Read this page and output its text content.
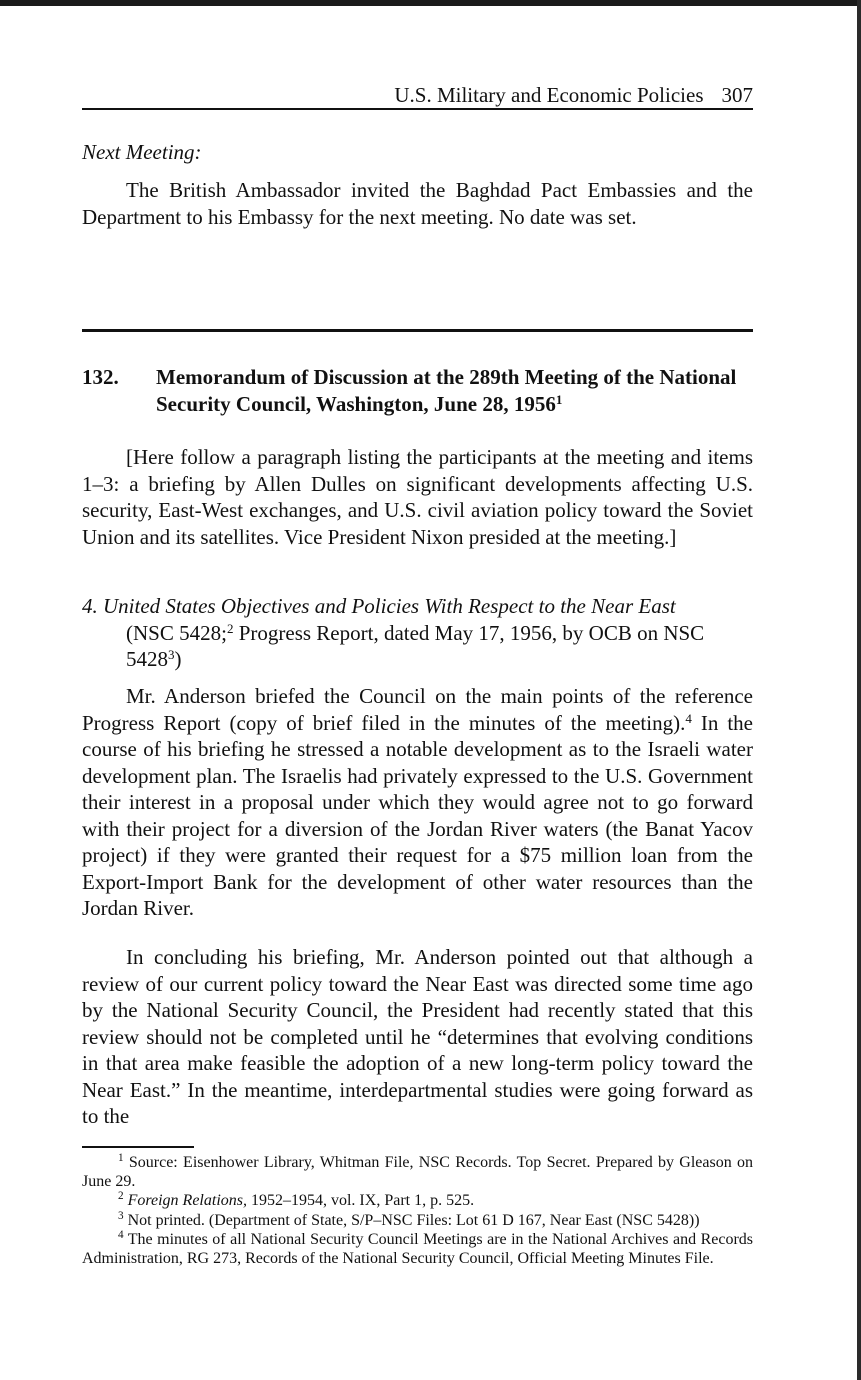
U.S. Military and Economic Policies 307
Next Meeting:

The British Ambassador invited the Baghdad Pact Embassies and the Department to his Embassy for the next meeting. No date was set.

132. Memorandum of Discussion at the 289th Meeting of the National Security Council, Washington, June 28, 1956$^1$

[Here follow a paragraph listing the participants at the meeting and items 1–3: a briefing by Allen Dulles on significant developments affecting U.S. security, East-West exchanges, and U.S. civil aviation policy toward the Soviet Union and its satellites. Vice President Nixon presided at the meeting.]

4. United States Objectives and Policies With Respect to the Near East
(NSC 5428;$^2$ Progress Report, dated May 17, 1956, by OCB on NSC 5428$^3$)

Mr. Anderson briefed the Council on the main points of the reference Progress Report (copy of brief filed in the minutes of the meeting).$^4$ In the course of his briefing he stressed a notable development as to the Israeli water development plan. The Israelis had privately expressed to the U.S. Government their interest in a proposal under which they would agree not to go forward with their project for a diversion of the Jordan River waters (the Banat Yacov project) if they were granted their request for a $75 million loan from the Export-Import Bank for the development of other water resources than the Jordan River.

In concluding his briefing, Mr. Anderson pointed out that although a review of our current policy toward the Near East was directed some time ago by the National Security Council, the President had recently stated that this review should not be completed until he “determines that evolving conditions in that area make feasible the adoption of a new long-term policy toward the Near East.” In the meantime, interdepartmental studies were going forward as to the

$^1$ Source: Eisenhower Library, Whitman File, NSC Records. Top Secret. Prepared by Gleason on June 29.

$^2$ Foreign Relations, 1952–1954, vol. IX, Part 1, p. 525.

$^3$ Not printed. (Department of State, S/P–NSC Files: Lot 61 D 167, Near East (NSC 5428))

$^4$ The minutes of all National Security Council Meetings are in the National Archives and Records Administration, RG 273, Records of the National Security Council, Official Meeting Minutes File.
